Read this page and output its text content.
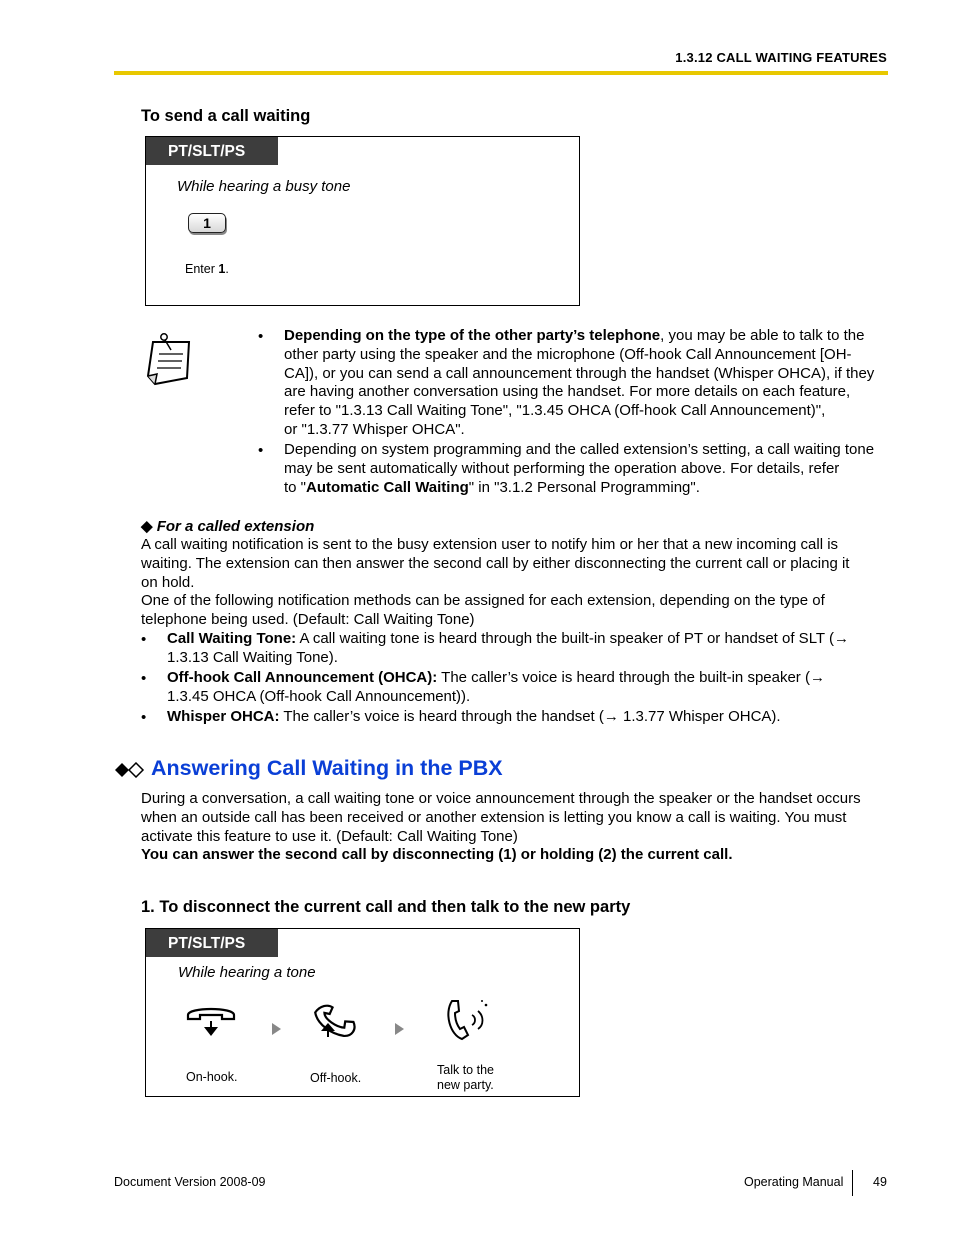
1.3.12 CALL WAITING FEATURES
To send a call waiting
PT/SLT/PS
While hearing a busy tone
1
Enter 1.
• Depending on the type of the other party’s telephone, you may be able to talk to the
other party using the speaker and the microphone (Off-hook Call Announcement [OH-
CA]), or you can send a call announcement through the handset (Whisper OHCA), if they
are having another conversation using the handset. For more details on each feature,
refer to "1.3.13 Call Waiting Tone", "1.3.45 OHCA (Off-hook Call Announcement)",
or "1.3.77 Whisper OHCA".
• Depending on system programming and the called extension’s setting, a call waiting tone
may be sent automatically without performing the operation above. For details, refer
to "Automatic Call Waiting" in "3.1.2 Personal Programming".
◆ For a called extension
A call waiting notification is sent to the busy extension user to notify him or her that a new incoming call is
waiting. The extension can then answer the second call by either disconnecting the current call or placing it
on hold.
One of the following notification methods can be assigned for each extension, depending on the type of
telephone being used. (Default: Call Waiting Tone)
• Call Waiting Tone: A call waiting tone is heard through the built-in speaker of PT or handset of SLT (→
1.3.13 Call Waiting Tone).
• Off-hook Call Announcement (OHCA): The caller’s voice is heard through the built-in speaker (→
1.3.45 OHCA (Off-hook Call Announcement)).
• Whisper OHCA: The caller’s voice is heard through the handset (→ 1.3.77 Whisper OHCA).
Answering Call Waiting in the PBX
During a conversation, a call waiting tone or voice announcement through the speaker or the handset occurs
when an outside call has been received or another extension is letting you know a call is waiting. You must
activate this feature to use it. (Default: Call Waiting Tone)
You can answer the second call by disconnecting (1) or holding (2) the current call.
1. To disconnect the current call and then talk to the new party
PT/SLT/PS
While hearing a tone
On-hook.	Off-hook.
Talk to the
new party.
Document Version 2008-09	Operating Manual 49
